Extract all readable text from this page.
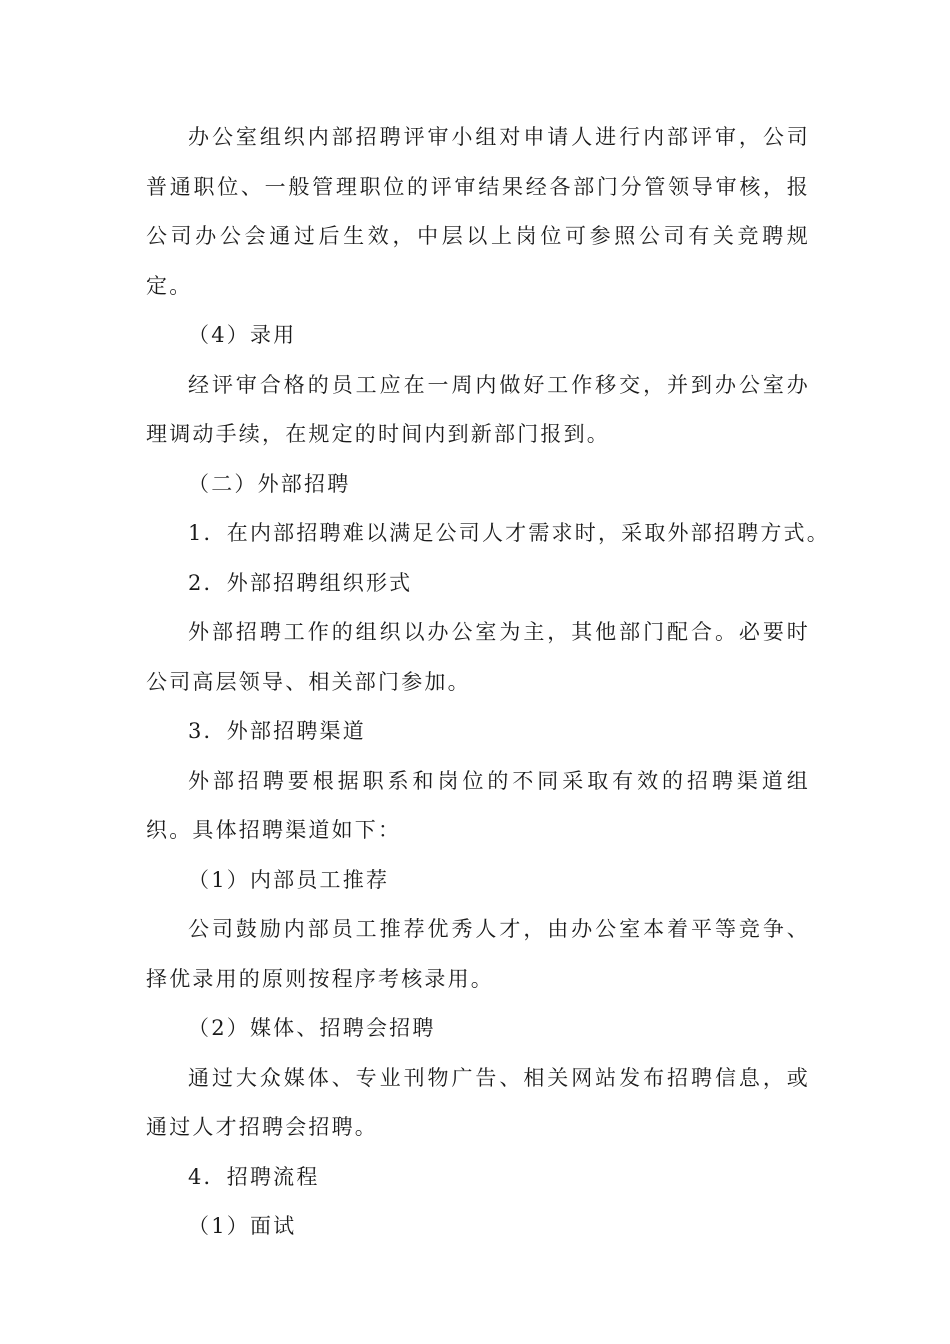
办公室组织内部招聘评审小组对申请人进行内部评审，公司普通职位、一般管理职位的评审结果经各部门分管领导审核，报公司办公会通过后生效，中层以上岗位可参照公司有关竞聘规定。

（4）录用

经评审合格的员工应在一周内做好工作移交，并到办公室办理调动手续，在规定的时间内到新部门报到。

（二）外部招聘

1．在内部招聘难以满足公司人才需求时，采取外部招聘方式。

2．外部招聘组织形式

外部招聘工作的组织以办公室为主，其他部门配合。必要时公司高层领导、相关部门参加。

3．外部招聘渠道

外部招聘要根据职系和岗位的不同采取有效的招聘渠道组织。具体招聘渠道如下：

（1）内部员工推荐

公司鼓励内部员工推荐优秀人才，由办公室本着平等竞争、择优录用的原则按程序考核录用。

（2）媒体、招聘会招聘

通过大众媒体、专业刊物广告、相关网站发布招聘信息，或通过人才招聘会招聘。

4．招聘流程

（1）面试
